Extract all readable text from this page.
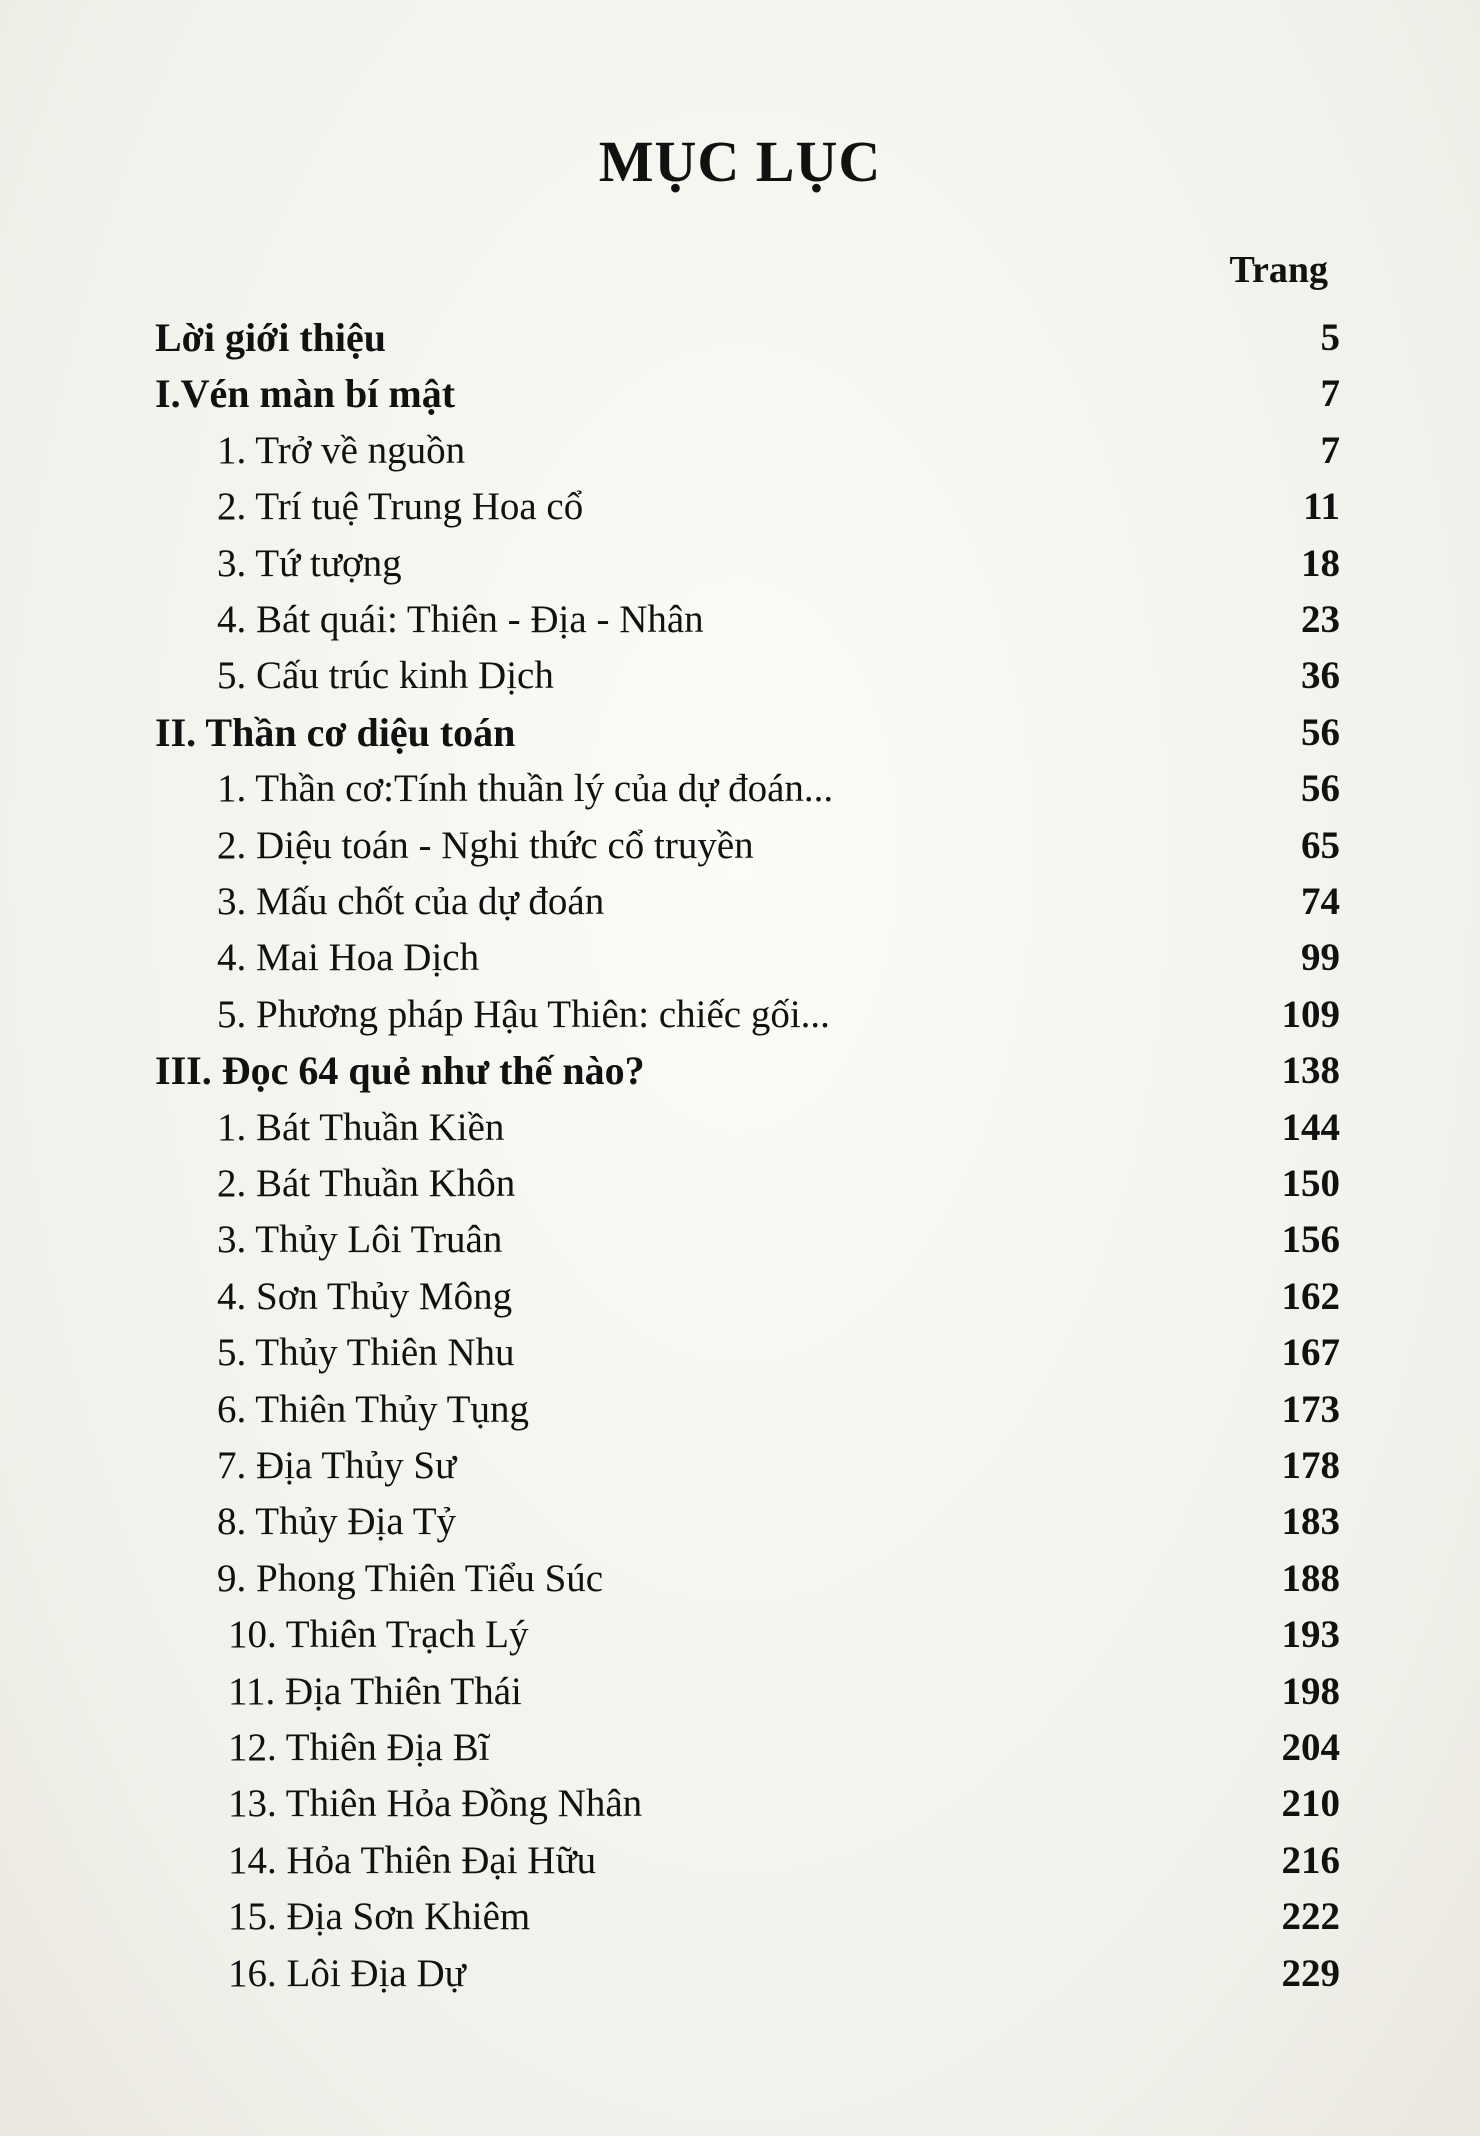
MỤC LỤC
Trang
Lời giới thiệu	5
I.Vén màn bí mật	7
1. Trở về nguồn	7
2. Trí tuệ Trung Hoa cổ	11
3. Tứ tượng	18
4. Bát quái: Thiên - Địa - Nhân	23
5. Cấu trúc kinh Dịch	36
II. Thần cơ diệu toán	56
1. Thần cơ:Tính thuần lý của dự đoán...	56
2. Diệu toán - Nghi thức cổ truyền	65
3. Mấu chốt của dự đoán	74
4. Mai Hoa Dịch	99
5. Phương pháp Hậu Thiên: chiếc gối...	109
III. Đọc 64 quẻ như thế nào?	138
1. Bát Thuần Kiền	144
2. Bát Thuần Khôn	150
3. Thủy Lôi Truân	156
4. Sơn Thủy Mông	162
5. Thủy Thiên Nhu	167
6. Thiên Thủy Tụng	173
7. Địa Thủy Sư	178
8. Thủy Địa Tỷ	183
9. Phong Thiên Tiểu Súc	188
10. Thiên Trạch Lý	193
11. Địa Thiên Thái	198
12. Thiên Địa Bĩ	204
13. Thiên Hỏa Đồng Nhân	210
14. Hỏa Thiên Đại Hữu	216
15. Địa Sơn Khiêm	222
16. Lôi Địa Dự	229
